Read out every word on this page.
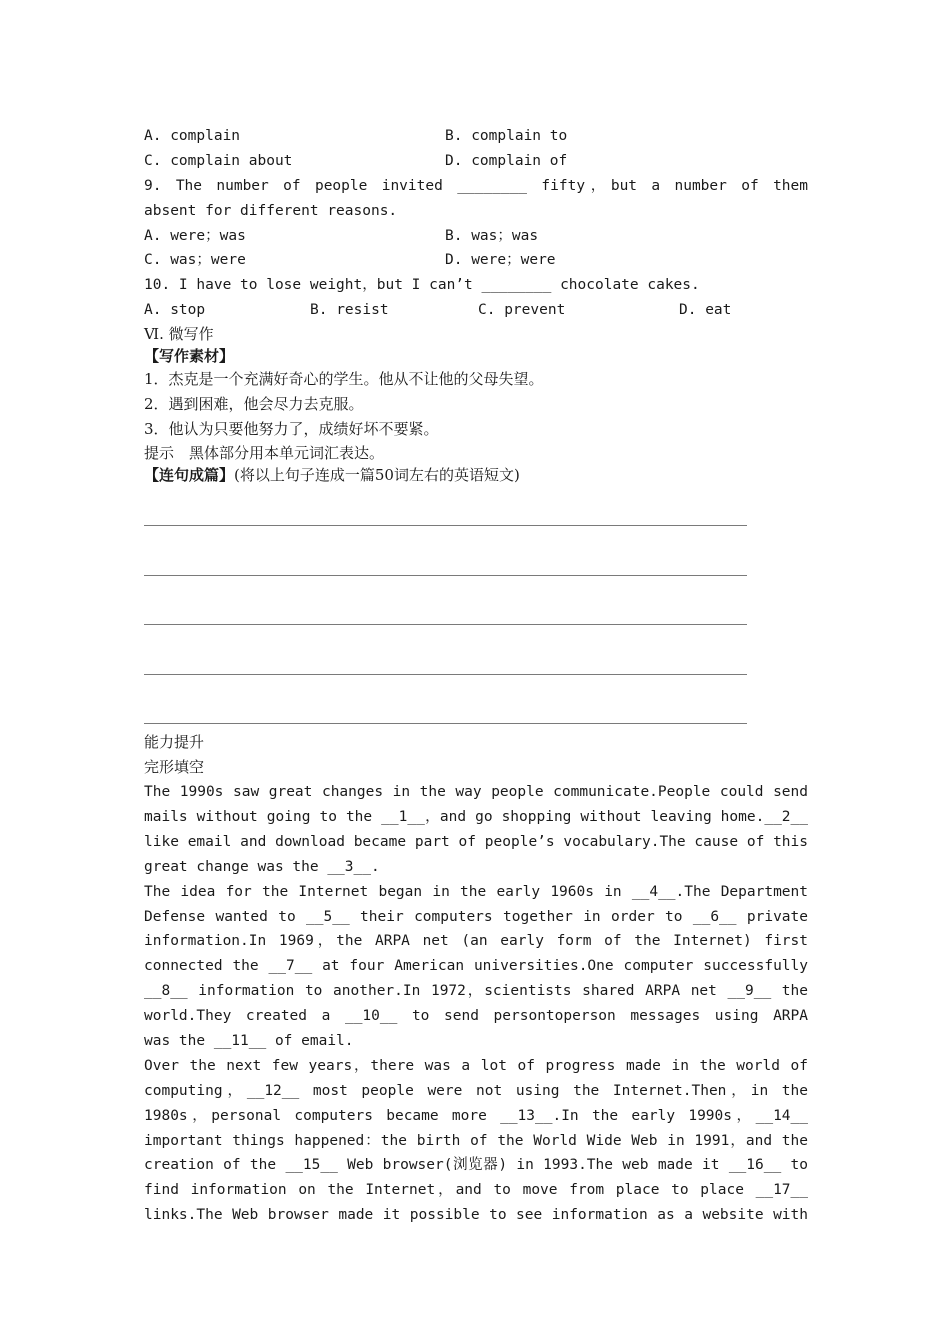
A. complain	B. complain to
C. complain about	D. complain of
9. The number of people invited ________ fifty，but a number of them
absent for different reasons.
A. were；was	B. was；was
C. was；were	D. were；were
10. I have to lose weight，but I can’t ________ chocolate cakes.
A. stop	B. resist	C. prevent	D. eat
Ⅵ. 微写作
【写作素材】
1．杰克是一个充满好奇心的学生。他从不让他的父母失望。
2．遇到困难，他会尽力去克服。
3．他认为只要他努力了，成绩好坏不要紧。
提示　黑体部分用本单元词汇表达。
【连句成篇】(将以上句子连成一篇50词左右的英语短文)
能力提升
完形填空
The 1990s saw great changes in the way people communicate.People could send
mails without going to the __1__，and go shopping without leaving home.__2__
like email and download became part of people’s vocabulary.The cause of this
great change was the __3__.
The idea for the Internet began in the early 1960s in __4__.The Department
Defense wanted to __5__ their computers together in order to __6__ private
information.In 1969，the ARPA net (an early form of the Internet) first
connected the __7__ at four American universities.One computer successfully
__8__ information to another.In 1972，scientists shared ARPA net __9__ the
world.They created a __10__ to send persontoperson messages using ARPA
was the __11__ of email.
Over the next few years，there was a lot of progress made in the world of
computing，__12__ most people were not using the Internet.Then，in the
1980s，personal computers became more __13__.In the early 1990s，__14__
important things happened：the birth of the World Wide Web in 1991，and the
creation of the __15__ Web browser(浏览器) in 1993.The web made it __16__ to
find information on the Internet，and to move from place to place __17__
links.The Web browser made it possible to see information as a website with
